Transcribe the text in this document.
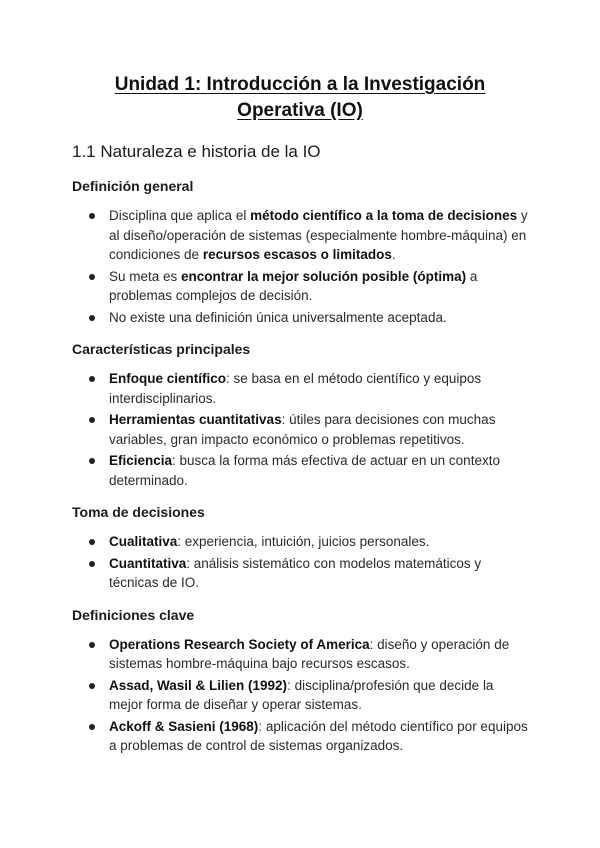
Unidad 1: Introducción a la Investigación Operativa (IO)
1.1 Naturaleza e historia de la IO
Definición general
Disciplina que aplica el método científico a la toma de decisiones y al diseño/operación de sistemas (especialmente hombre-máquina) en condiciones de recursos escasos o limitados.
Su meta es encontrar la mejor solución posible (óptima) a problemas complejos de decisión.
No existe una definición única universalmente aceptada.
Características principales
Enfoque científico: se basa en el método científico y equipos interdisciplinarios.
Herramientas cuantitativas: útiles para decisiones con muchas variables, gran impacto económico o problemas repetitivos.
Eficiencia: busca la forma más efectiva de actuar en un contexto determinado.
Toma de decisiones
Cualitativa: experiencia, intuición, juicios personales.
Cuantitativa: análisis sistemático con modelos matemáticos y técnicas de IO.
Definiciones clave
Operations Research Society of America: diseño y operación de sistemas hombre-máquina bajo recursos escasos.
Assad, Wasil & Lilien (1992): disciplina/profesión que decide la mejor forma de diseñar y operar sistemas.
Ackoff & Sasieni (1968): aplicación del método científico por equipos a problemas de control de sistemas organizados.
